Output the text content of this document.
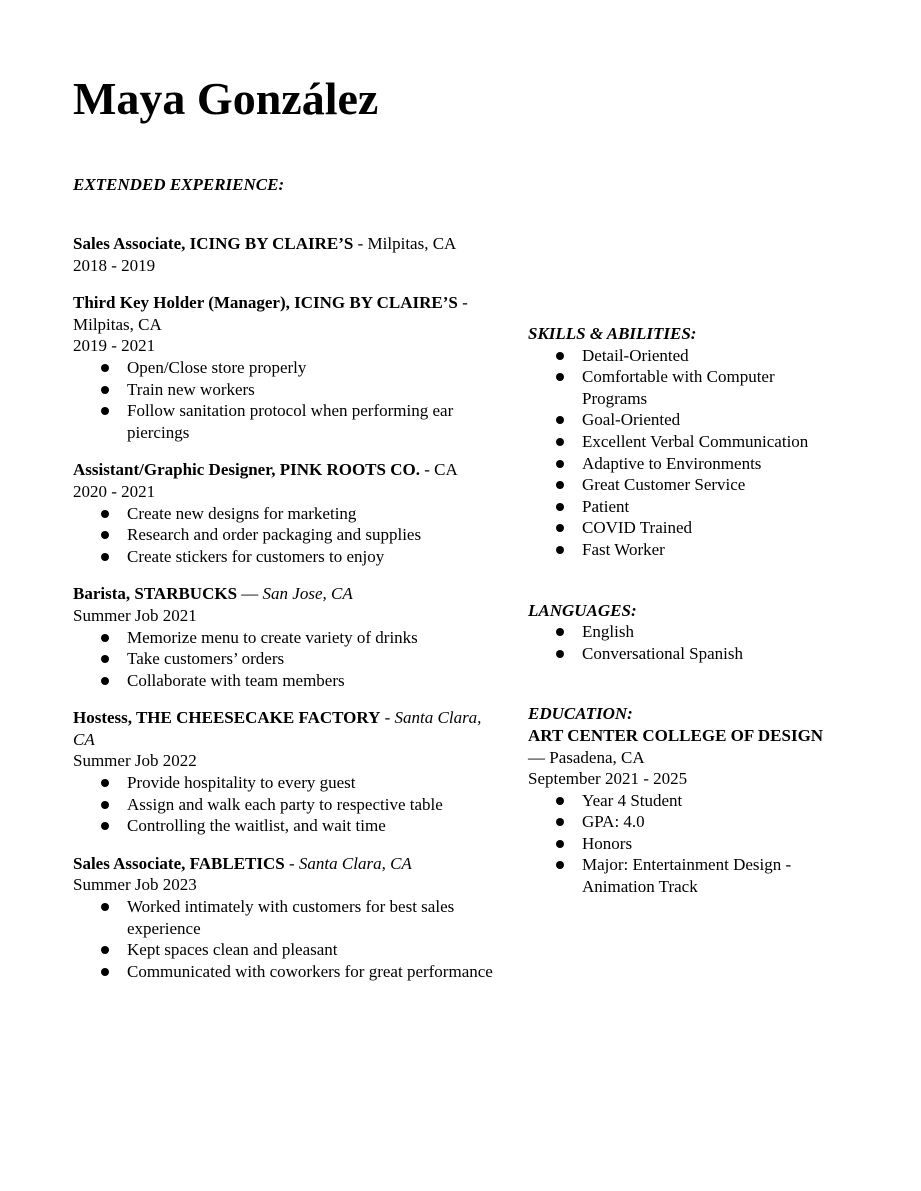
Maya González

EXTENDED EXPERIENCE:

Sales Associate, ICING BY CLAIRE’S - Milpitas, CA

2018 - 2019

Third Key Holder (Manager), ICING BY CLAIRE’S - Milpitas, CA

2019 - 2021

Open/Close store properly
Train new workers
Follow sanitation protocol when performing ear piercings

Assistant/Graphic Designer, PINK ROOTS CO. - CA

2020 - 2021

Create new designs for marketing
Research and order packaging and supplies
Create stickers for customers to enjoy

Barista, STARBUCKS — San Jose, CA

Summer Job 2021

Memorize menu to create variety of drinks
Take customers’ orders
Collaborate with team members

Hostess, THE CHEESECAKE FACTORY - Santa Clara, CA

Summer Job 2022

Provide hospitality to every guest
Assign and walk each party to respective table
Controlling the waitlist, and wait time

Sales Associate, FABLETICS - Santa Clara, CA

Summer Job 2023

Worked intimately with customers for best sales experience
Kept spaces clean and pleasant
Communicated with coworkers for great performance

SKILLS & ABILITIES:

Detail-Oriented
Comfortable with Computer Programs
Goal-Oriented
Excellent Verbal Communication
Adaptive to Environments
Great Customer Service
Patient
COVID Trained
Fast Worker

LANGUAGES:

English
Conversational Spanish

EDUCATION:

ART CENTER COLLEGE OF DESIGN — Pasadena, CA

September 2021 - 2025

Year 4 Student
GPA: 4.0
Honors
Major: Entertainment Design - Animation Track
